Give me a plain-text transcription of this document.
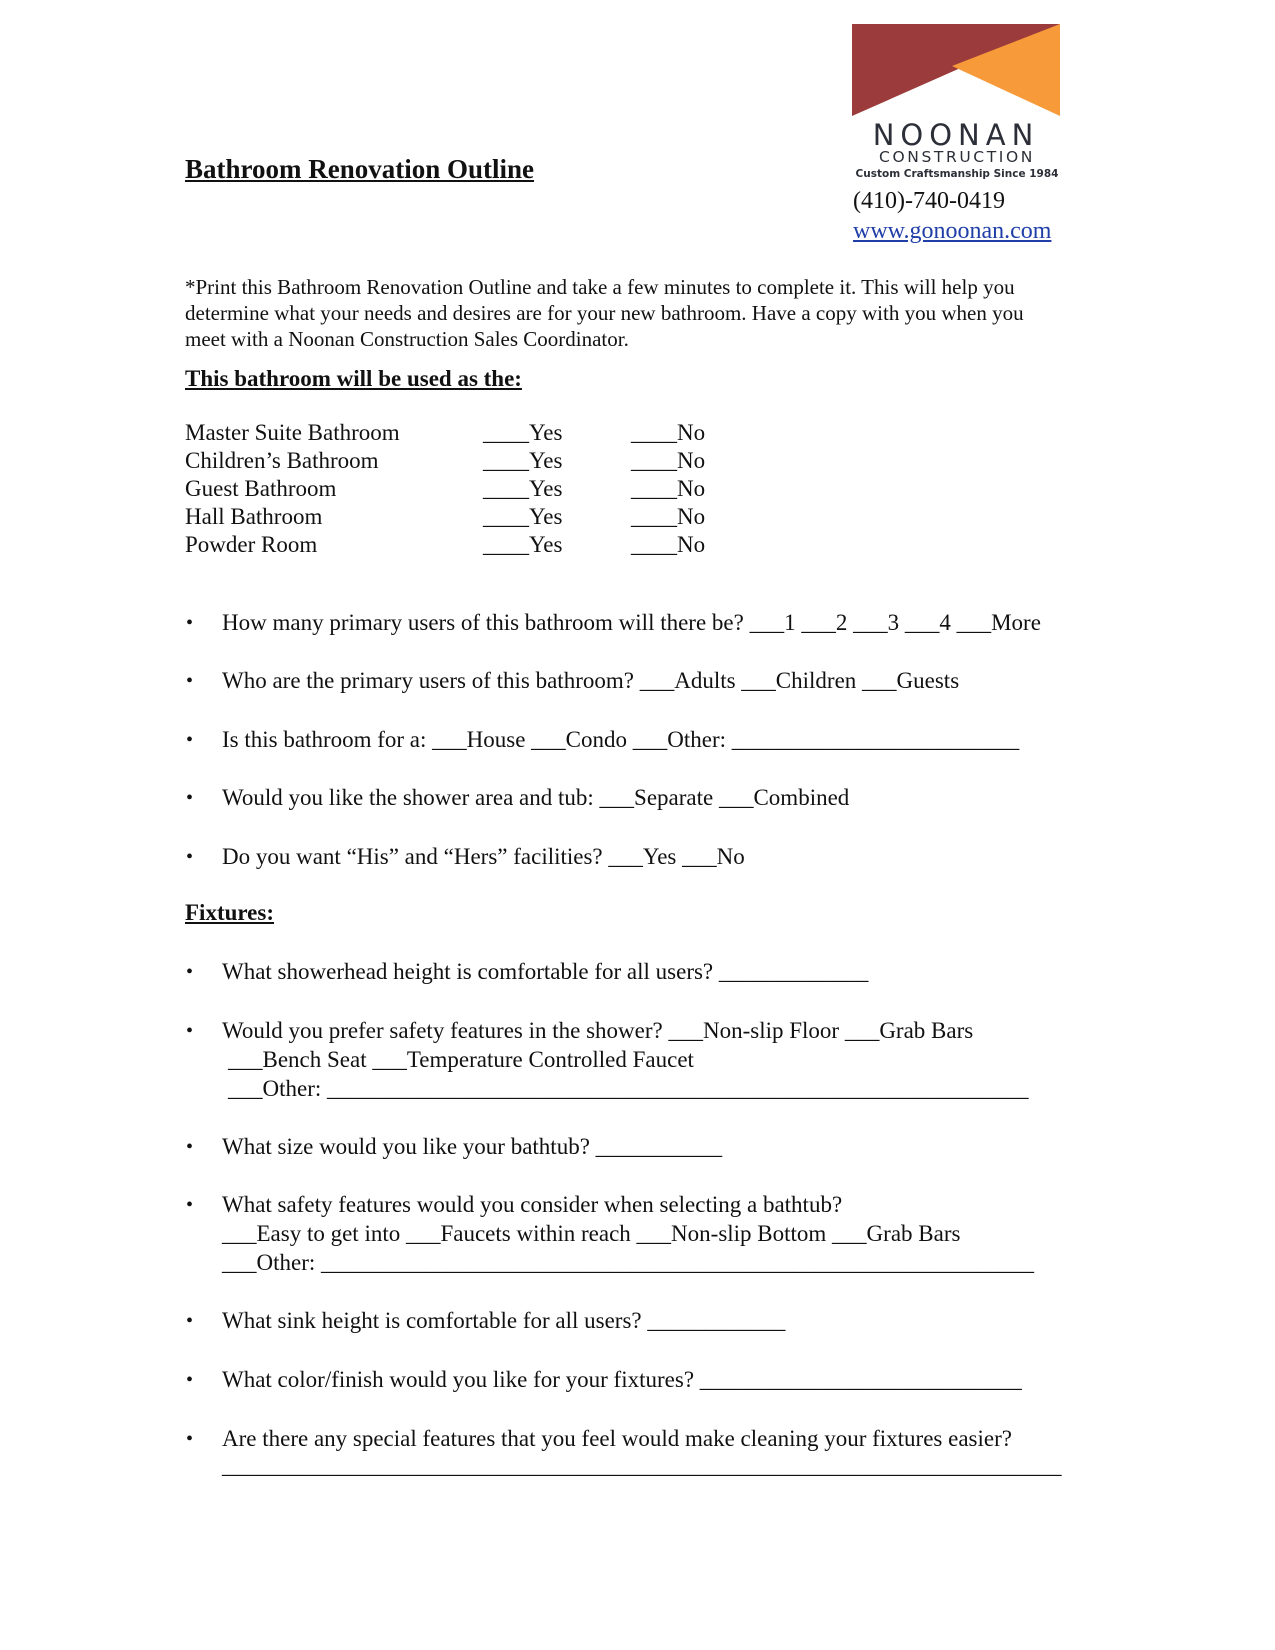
Bathroom Renovation Outline
NOONAN
CONSTRUCTION
Custom Craftsmanship Since 1984
(410)-740-0419
www.gonoonan.com

*Print this Bathroom Renovation Outline and take a few minutes to complete it. This will help you determine what your needs and desires are for your new bathroom. Have a copy with you when you meet with a Noonan Construction Sales Coordinator.

This bathroom will be used as the:
Master Suite Bathroom	____Yes	____No
Children’s Bathroom	____Yes	____No
Guest Bathroom	____Yes	____No
Hall Bathroom	____Yes	____No
Powder Room	____Yes	____No
• How many primary users of this bathroom will there be? ___1 ___2 ___3 ___4 ___More
• Who are the primary users of this bathroom? ___Adults ___Children ___Guests
• Is this bathroom for a: ___House ___Condo ___Other: _________________________
• Would you like the shower area and tub: ___Separate ___Combined
• Do you want “His” and “Hers” facilities? ___Yes ___No
Fixtures:
• What showerhead height is comfortable for all users? _____________
• Would you prefer safety features in the shower? ___Non-slip Floor ___Grab Bars
___Bench Seat ___Temperature Controlled Faucet
___Other: _____________________________________________________________
• What size would you like your bathtub? ___________
• What safety features would you consider when selecting a bathtub?
___Easy to get into ___Faucets within reach ___Non-slip Bottom ___Grab Bars
___Other: ______________________________________________________________
• What sink height is comfortable for all users? ____________
• What color/finish would you like for your fixtures? ____________________________
• Are there any special features that you feel would make cleaning your fixtures easier?
_________________________________________________________________________
